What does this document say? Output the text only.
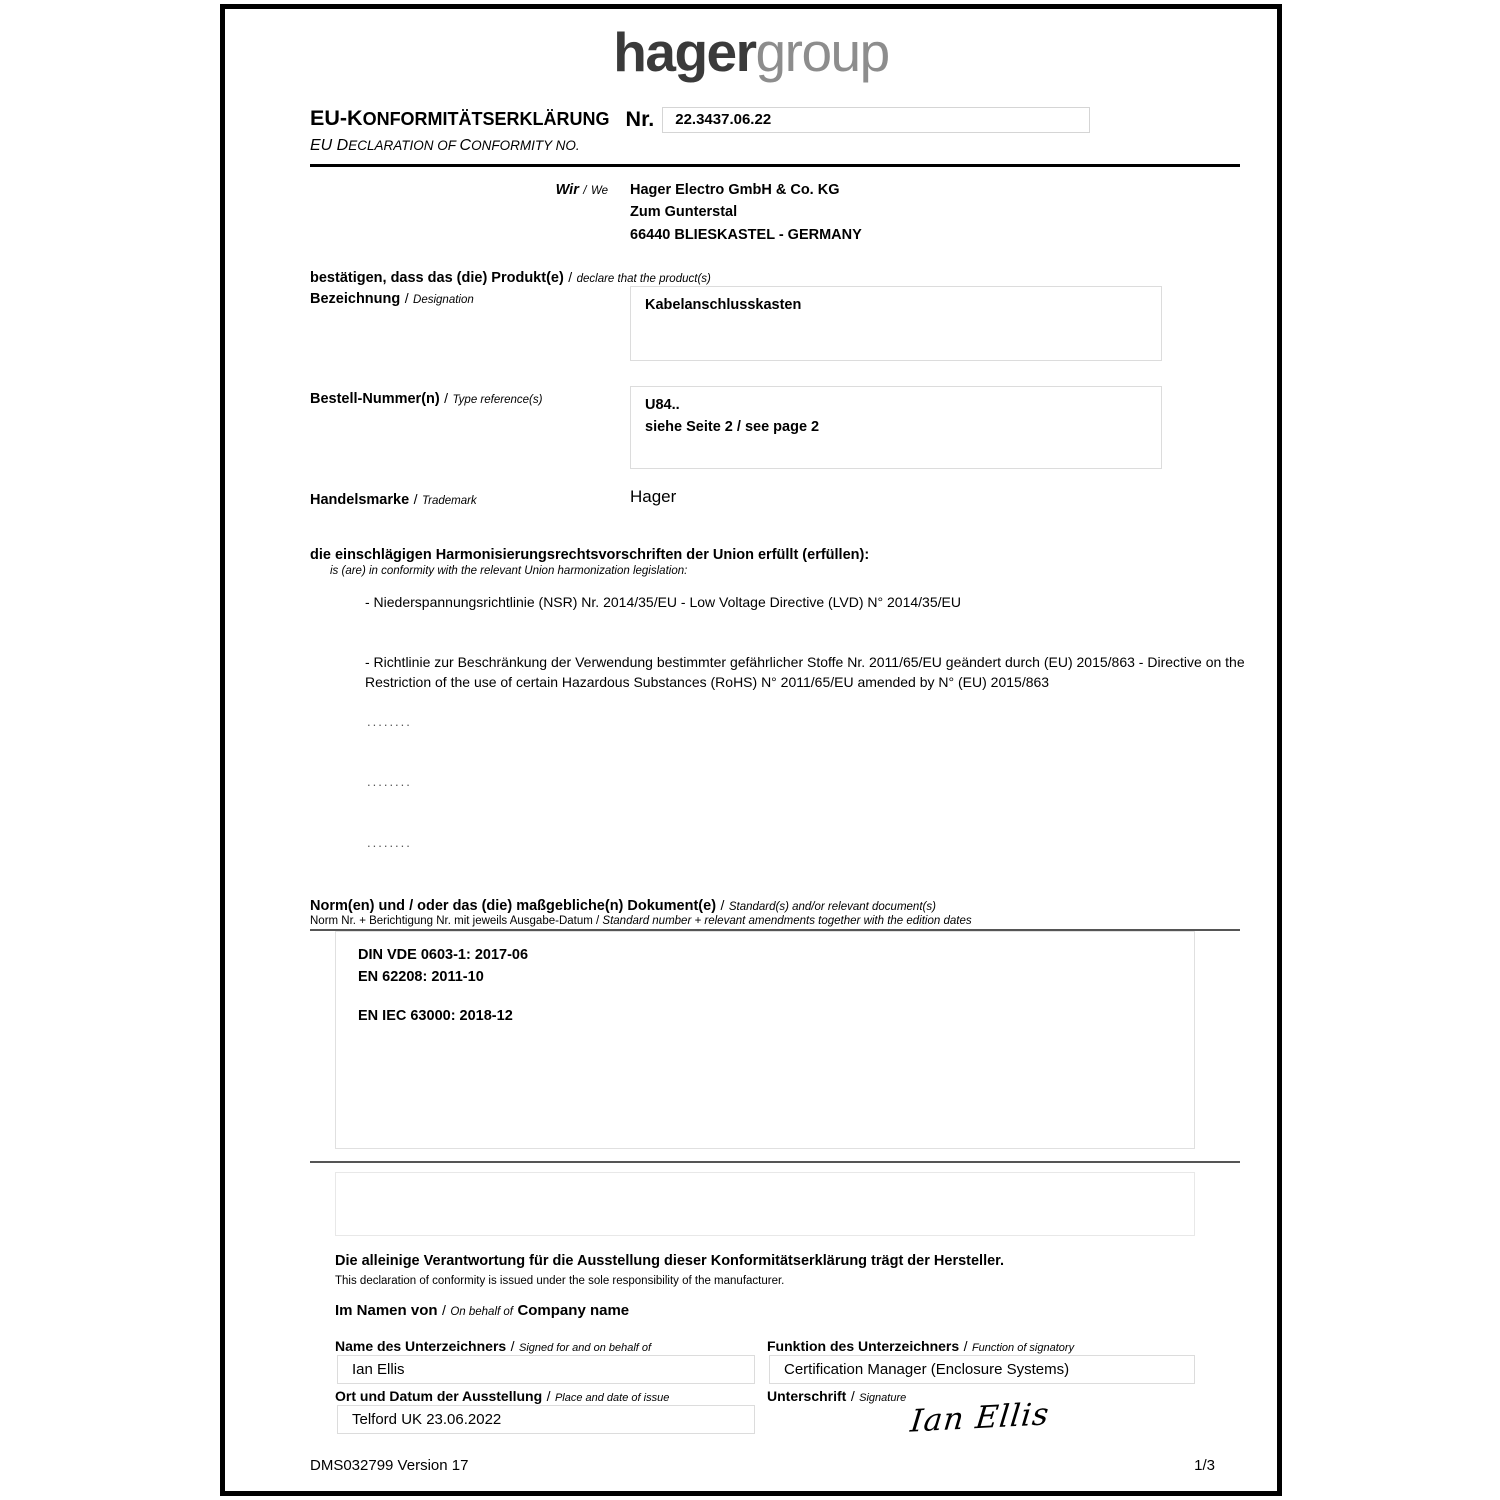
hagergroup
EU-KONFORMITÄTSERKLÄRUNG Nr.	22.3437.06.22
EU DECLARATION OF CONFORMITY NO.
Wir / We	Hager Electro GmbH & Co. KG
Zum Gunterstal
66440 BLIESKASTEL - GERMANY
bestätigen, dass das (die) Produkt(e) / declare that the product(s)
Bezeichnung / Designation	Kabelanschlusskasten
Bestell-Nummer(n) / Type reference(s)	U84..
siehe Seite 2 / see page 2
Handelsmarke / Trademark	Hager
die einschlägigen Harmonisierungsrechtsvorschriften der Union erfüllt (erfüllen):
is (are) in conformity with the relevant Union harmonization legislation:
- Niederspannungsrichtlinie (NSR) Nr. 2014/35/EU - Low Voltage Directive (LVD) N° 2014/35/EU
- Richtlinie zur Beschränkung der Verwendung bestimmter gefährlicher Stoffe Nr. 2011/65/EU geändert durch (EU) 2015/863 - Directive on the Restriction of the use of certain Hazardous Substances (RoHS) N° 2011/65/EU amended by N° (EU) 2015/863
........
........
........
Norm(en) und / oder das (die) maßgebliche(n) Dokument(e) / Standard(s) and/or relevant document(s)
Norm Nr. + Berichtigung Nr. mit jeweils Ausgabe-Datum / Standard number + relevant amendments together with the edition dates
DIN VDE 0603-1: 2017-06
EN 62208: 2011-10
EN IEC 63000: 2018-12
Die alleinige Verantwortung für die Ausstellung dieser Konformitätserklärung trägt der Hersteller.
This declaration of conformity is issued under the sole responsibility of the manufacturer.
Im Namen von / On behalf of Company name
Name des Unterzeichners / Signed for and on behalf of
Ian Ellis
Funktion des Unterzeichners / Function of signatory
Certification Manager (Enclosure Systems)
Ort und Datum der Ausstellung / Place and date of issue
Telford UK 23.06.2022
Unterschrift / Signature Ian Ellis
DMS032799 Version 17	1/3
